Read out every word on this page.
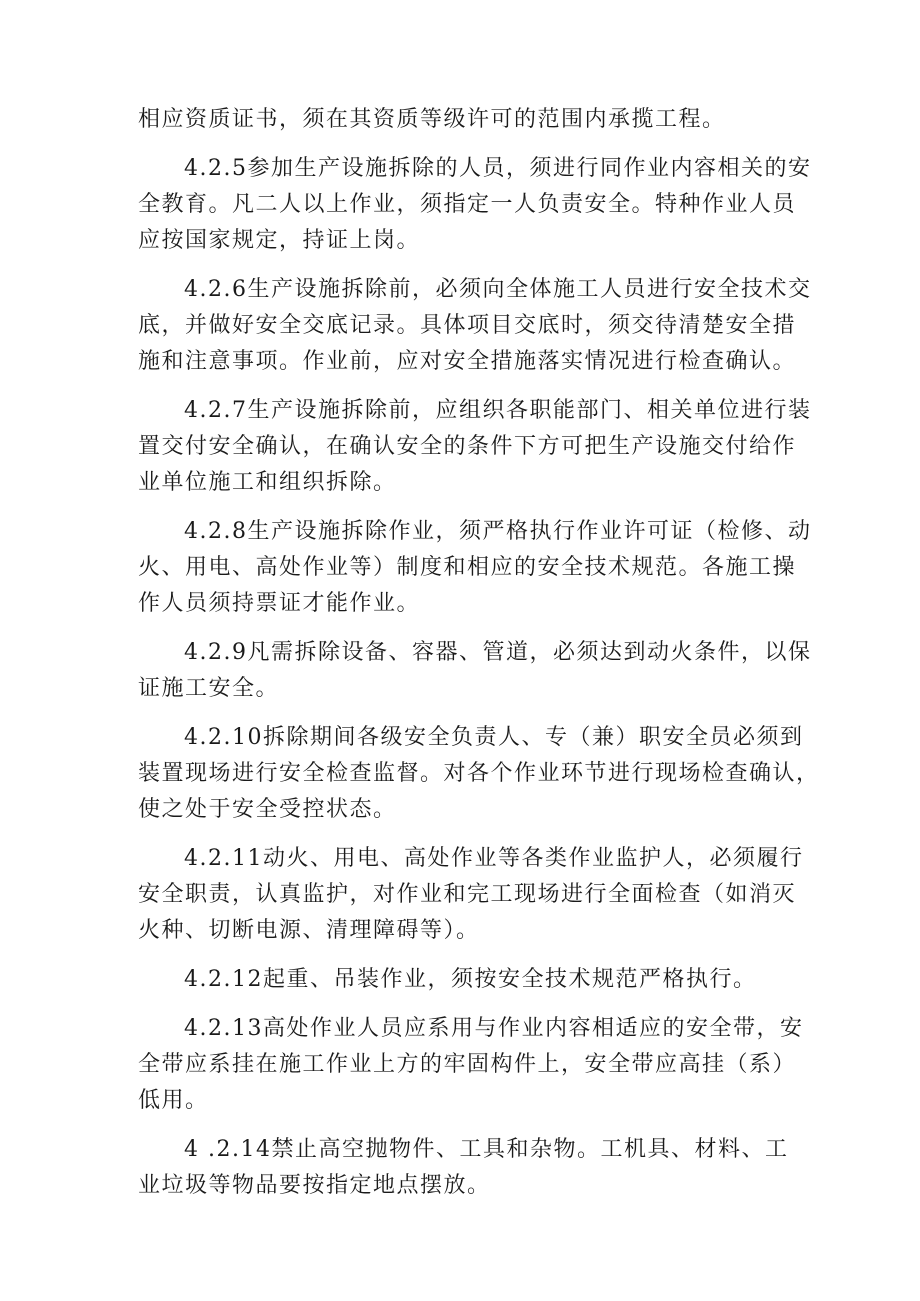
相应资质证书，须在其资质等级许可的范围内承揽工程。
4.2.5参加生产设施拆除的人员，须进行同作业内容相关的安
全教育。凡二人以上作业，须指定一人负责安全。特种作业人员
应按国家规定，持证上岗。
4.2.6生产设施拆除前，必须向全体施工人员进行安全技术交
底，并做好安全交底记录。具体项目交底时，须交待清楚安全措
施和注意事项。作业前，应对安全措施落实情况进行检查确认。
4.2.7生产设施拆除前，应组织各职能部门、相关单位进行装
置交付安全确认，在确认安全的条件下方可把生产设施交付给作
业单位施工和组织拆除。
4.2.8生产设施拆除作业，须严格执行作业许可证（检修、动
火、用电、高处作业等）制度和相应的安全技术规范。各施工操
作人员须持票证才能作业。
4.2.9凡需拆除设备、容器、管道，必须达到动火条件，以保
证施工安全。
4.2.10拆除期间各级安全负责人、专（兼）职安全员必须到
装置现场进行安全检查监督。对各个作业环节进行现场检查确认，
使之处于安全受控状态。
4.2.11动火、用电、高处作业等各类作业监护人，必须履行
安全职责，认真监护，对作业和完工现场进行全面检查（如消灭
火种、切断电源、清理障碍等）。
4.2.12起重、吊装作业，须按安全技术规范严格执行。
4.2.13高处作业人员应系用与作业内容相适应的安全带，安
全带应系挂在施工作业上方的牢固构件上，安全带应高挂（系）
低用。
4 .2.14禁止高空抛物件、工具和杂物。工机具、材料、工
业垃圾等物品要按指定地点摆放。
